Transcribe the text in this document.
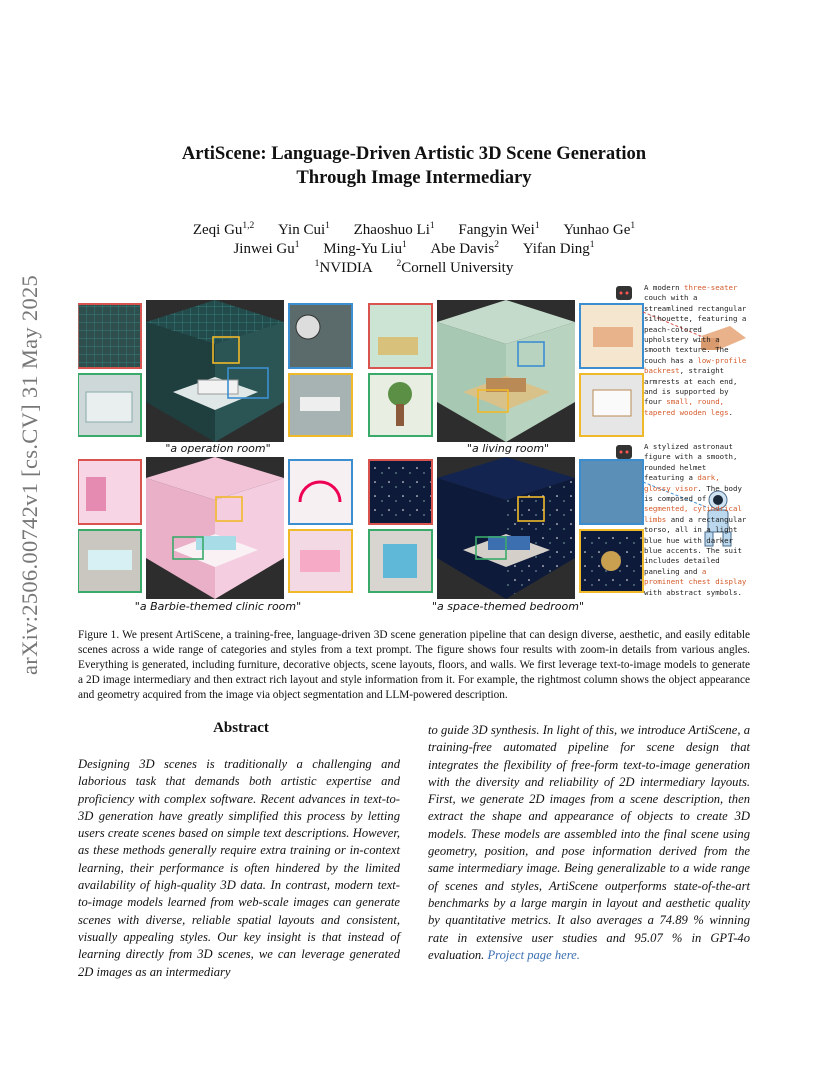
arXiv:2506.00742v1 [cs.CV] 31 May 2025
ArtiScene: Language-Driven Artistic 3D Scene Generation
Through Image Intermediary
Zeqi Gu$^{1,2}$ Yin Cui$^1$ Zhaoshuo Li$^1$ Fangyin Wei$^1$ Yunhao Ge$^1$
Jinwei Gu$^1$ Ming-Yu Liu$^1$ Abe Davis$^2$ Yifan Ding$^1$
$^1$NVIDIA	$^2$Cornell University
"a operation room"	"a living room"
"a Barbie-themed clinic room"	"a space-themed bedroom"
A modern three-seater couch with a streamlined rectangular silhouette, featuring a peach-colored upholstery with a smooth texture. The couch has a low-profile backrest, straight armrests at each end, and is supported by four small, round, tapered wooden legs.
A stylized astronaut figure with a smooth, rounded helmet featuring a dark, glossy visor. The body is composed of segmented, cylindrical limbs and a rectangular torso, all in a light blue hue with darker blue accents. The suit includes detailed paneling and a prominent chest display with abstract symbols.
Figure 1. We present ArtiScene, a training-free, language-driven 3D scene generation pipeline that can design diverse, aesthetic, and easily editable scenes across a wide range of categories and styles from a text prompt. The figure shows four results with zoom-in details from various angles. Everything is generated, including furniture, decorative objects, scene layouts, floors, and walls. We first leverage text-to-image models to generate a 2D image intermediary and then extract rich layout and style information from it. For example, the rightmost column shows the object appearance and geometry acquired from the image via object segmentation and LLM-powered description.
Abstract
Designing 3D scenes is traditionally a challenging and laborious task that demands both artistic expertise and proficiency with complex software. Recent advances in text-to-3D generation have greatly simplified this process by letting users create scenes based on simple text descriptions. However, as these methods generally require extra training or in-context learning, their performance is often hindered by the limited availability of high-quality 3D data. In contrast, modern text-to-image models learned from web-scale images can generate scenes with diverse, reliable spatial layouts and consistent, visually appealing styles. Our key insight is that instead of learning directly from 3D scenes, we can leverage generated 2D images as an intermediary
to guide 3D synthesis. In light of this, we introduce ArtiScene, a training-free automated pipeline for scene design that integrates the flexibility of free-form text-to-image generation with the diversity and reliability of 2D intermediary layouts. First, we generate 2D images from a scene description, then extract the shape and appearance of objects to create 3D models. These models are assembled into the final scene using geometry, position, and pose information derived from the same intermediary image. Being generalizable to a wide range of scenes and styles, ArtiScene outperforms state-of-the-art benchmarks by a large margin in layout and aesthetic quality by quantitative metrics. It also averages a 74.89 % winning rate in extensive user studies and 95.07 % in GPT-4o evaluation. Project page here.
